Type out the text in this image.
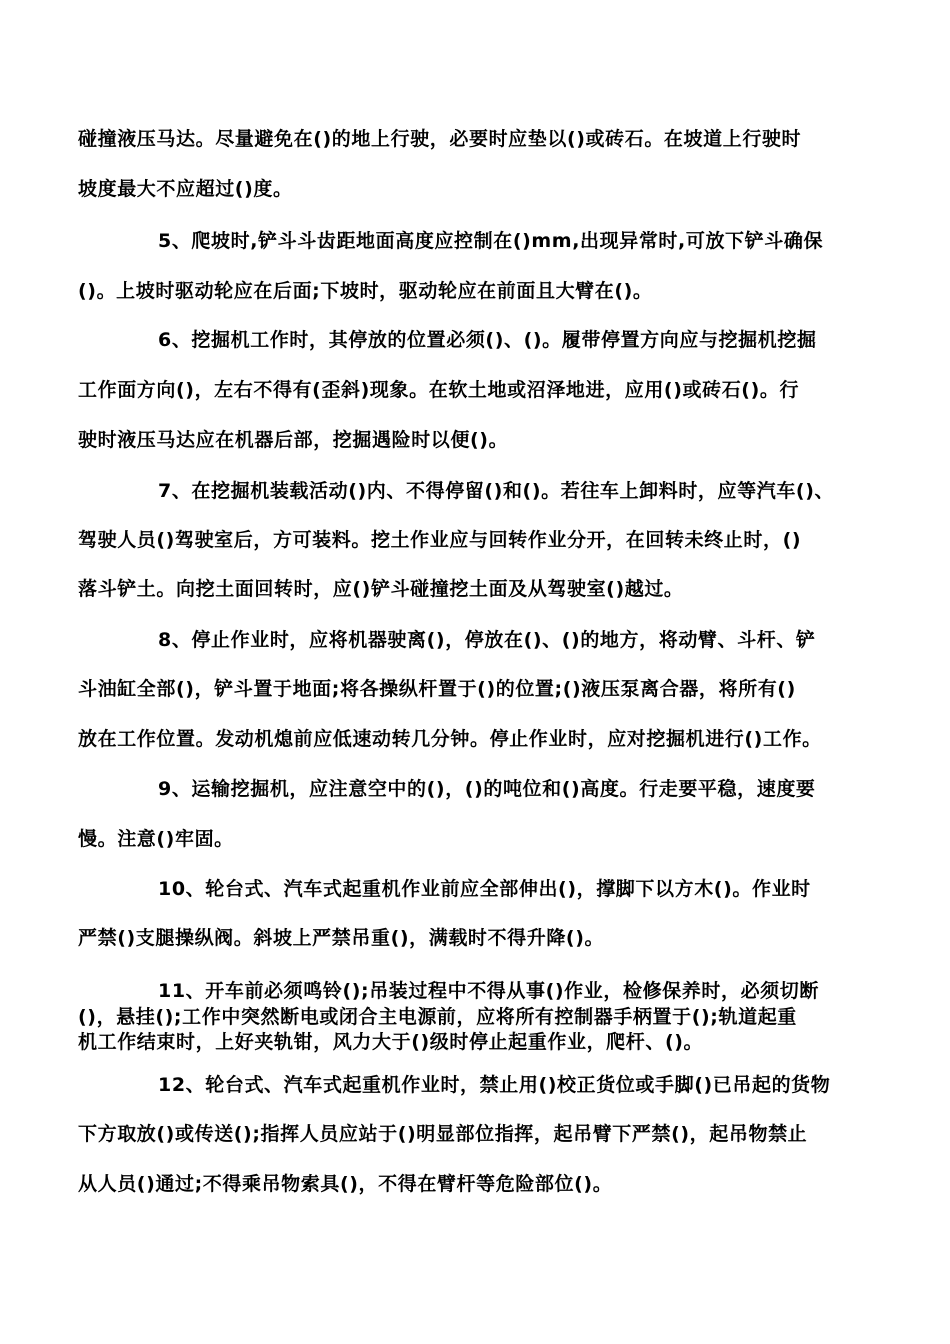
碰撞液压马达。尽量避免在()的地上行驶，必要时应垫以()或砖石。在坡道上行驶时
坡度最大不应超过()度。
5、爬坡时,铲斗斗齿距地面高度应控制在()mm,出现异常时,可放下铲斗确保
()。上坡时驱动轮应在后面;下坡时，驱动轮应在前面且大臂在()。
6、挖掘机工作时，其停放的位置必须()、()。履带停置方向应与挖掘机挖掘
工作面方向()，左右不得有(歪斜)现象。在软土地或沼泽地进，应用()或砖石()。行
驶时液压马达应在机器后部，挖掘遇险时以便()。
7、在挖掘机装载活动()内、不得停留()和()。若往车上卸料时，应等汽车()、
驾驶人员()驾驶室后，方可装料。挖土作业应与回转作业分开，在回转未终止时，()
落斗铲土。向挖土面回转时，应()铲斗碰撞挖土面及从驾驶室()越过。
8、停止作业时，应将机器驶离()，停放在()、()的地方，将动臂、斗杆、铲
斗油缸全部()，铲斗置于地面;将各操纵杆置于()的位置;()液压泵离合器，将所有()
放在工作位置。发动机熄前应低速动转几分钟。停止作业时，应对挖掘机进行()工作。
9、运输挖掘机，应注意空中的()，()的吨位和()高度。行走要平稳，速度要
慢。注意()牢固。
10、轮台式、汽车式起重机作业前应全部伸出()，撑脚下以方木()。作业时
严禁()支腿操纵阀。斜坡上严禁吊重()，满载时不得升降()。
11、开车前必须鸣铃();吊装过程中不得从事()作业，检修保养时，必须切断
()，悬挂();工作中突然断电或闭合主电源前，应将所有控制器手柄置于();轨道起重
机工作结束时，上好夹轨钳，风力大于()级时停止起重作业，爬杆、()。
12、轮台式、汽车式起重机作业时，禁止用()校正货位或手脚()已吊起的货物
下方取放()或传送();指挥人员应站于()明显部位指挥，起吊臂下严禁()，起吊物禁止
从人员()通过;不得乘吊物索具()，不得在臂杆等危险部位()。
